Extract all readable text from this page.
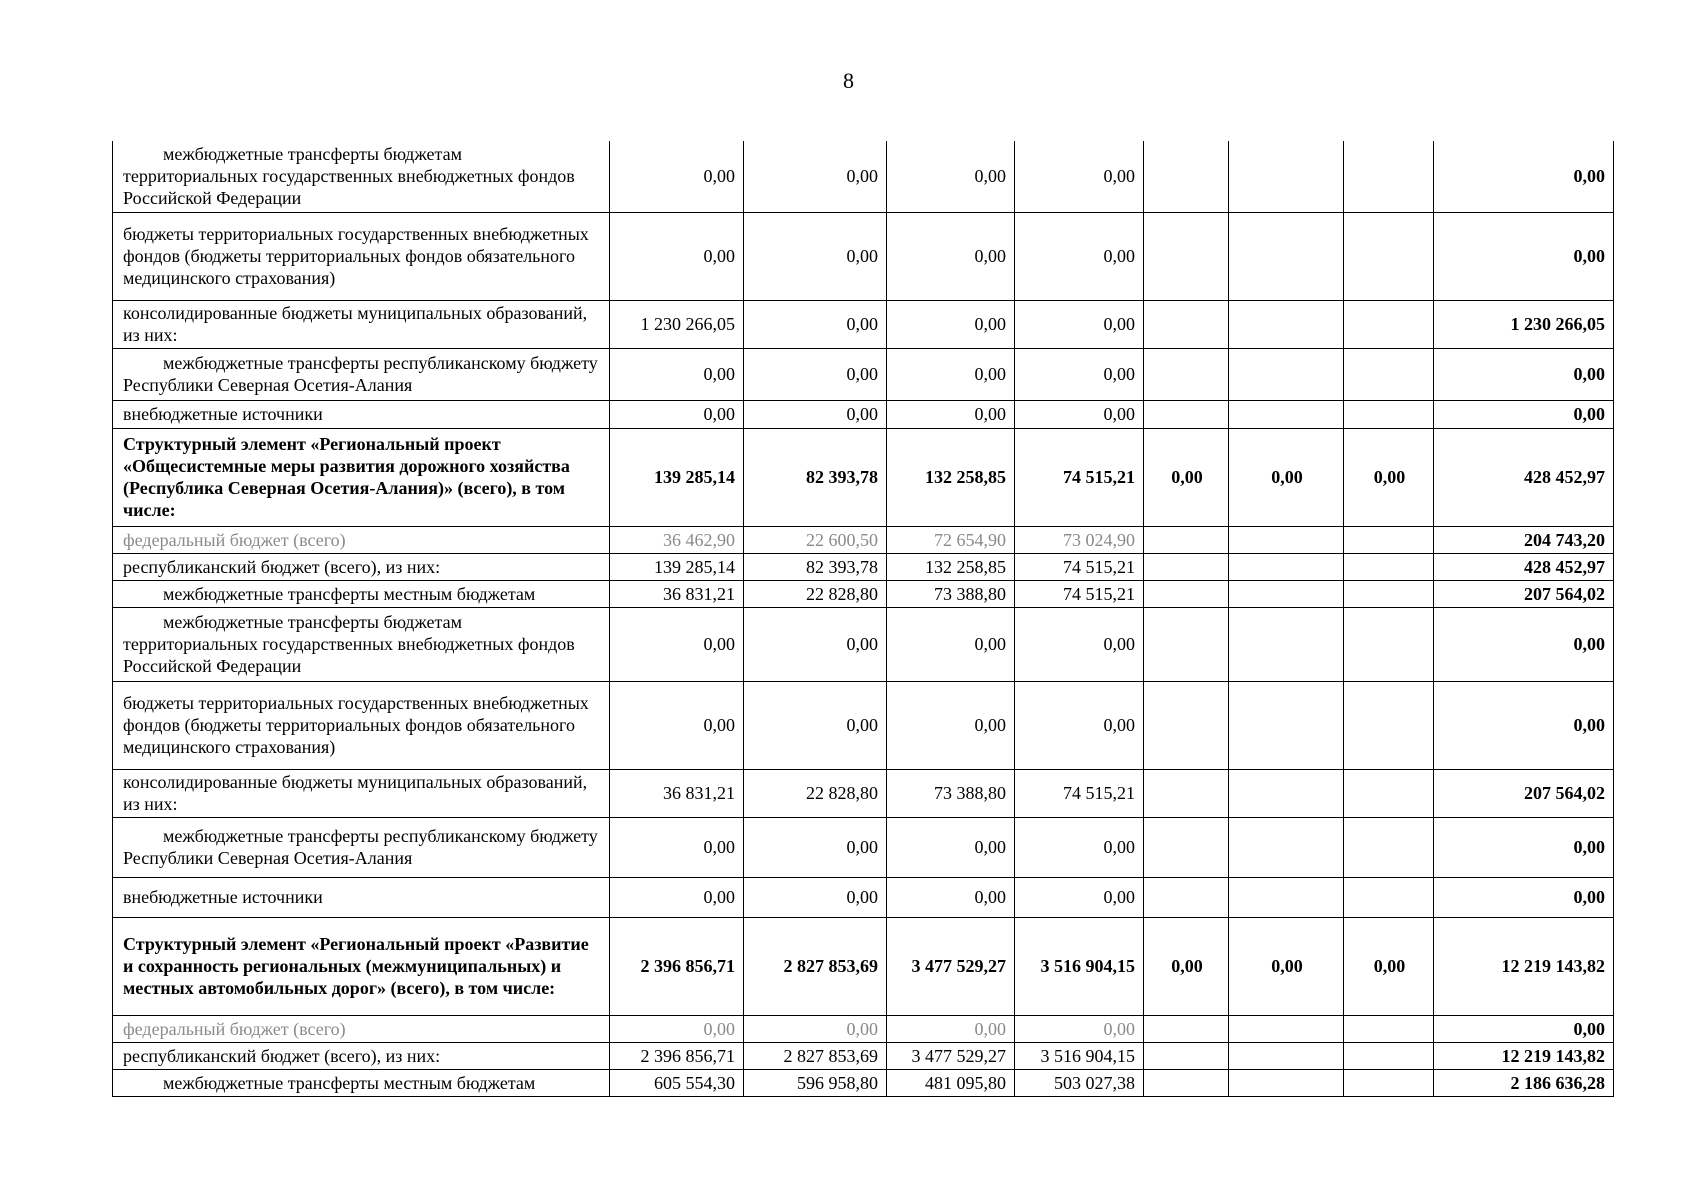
8
межбюджетные трансферты бюджетам территориальных государственных внебюджетных фондов Российской Федерации	0,00	0,00	0,00	0,00				0,00
бюджеты территориальных государственных внебюджетных фондов (бюджеты территориальных фондов обязательного медицинского страхования)	0,00	0,00	0,00	0,00				0,00
консолидированные бюджеты муниципальных образований, из них:	1 230 266,05	0,00	0,00	0,00				1 230 266,05
межбюджетные трансферты республиканскому бюджету Республики Северная Осетия-Алания	0,00	0,00	0,00	0,00				0,00
внебюджетные источники	0,00	0,00	0,00	0,00				0,00
Структурный элемент «Региональный проект «Общесистемные меры развития дорожного хозяйства (Республика Северная Осетия-Алания)» (всего), в том числе:	139 285,14	82 393,78	132 258,85	74 515,21	0,00	0,00	0,00	428 452,97
федеральный бюджет (всего)	36 462,90	22 600,50	72 654,90	73 024,90				204 743,20
республиканский бюджет (всего), из них:	139 285,14	82 393,78	132 258,85	74 515,21				428 452,97
межбюджетные трансферты местным бюджетам	36 831,21	22 828,80	73 388,80	74 515,21				207 564,02
межбюджетные трансферты бюджетам территориальных государственных внебюджетных фондов Российской Федерации	0,00	0,00	0,00	0,00				0,00
бюджеты территориальных государственных внебюджетных фондов (бюджеты территориальных фондов обязательного медицинского страхования)	0,00	0,00	0,00	0,00				0,00
консолидированные бюджеты муниципальных образований, из них:	36 831,21	22 828,80	73 388,80	74 515,21				207 564,02
межбюджетные трансферты республиканскому бюджету Республики Северная Осетия-Алания	0,00	0,00	0,00	0,00				0,00
внебюджетные источники	0,00	0,00	0,00	0,00				0,00
Структурный элемент «Региональный проект «Развитие и сохранность региональных (межмуниципальных) и местных автомобильных дорог» (всего), в том числе:	2 396 856,71	2 827 853,69	3 477 529,27	3 516 904,15	0,00	0,00	0,00	12 219 143,82
федеральный бюджет (всего)	0,00	0,00	0,00	0,00				0,00
республиканский бюджет (всего), из них:	2 396 856,71	2 827 853,69	3 477 529,27	3 516 904,15				12 219 143,82
межбюджетные трансферты местным бюджетам	605 554,30	596 958,80	481 095,80	503 027,38				2 186 636,28
